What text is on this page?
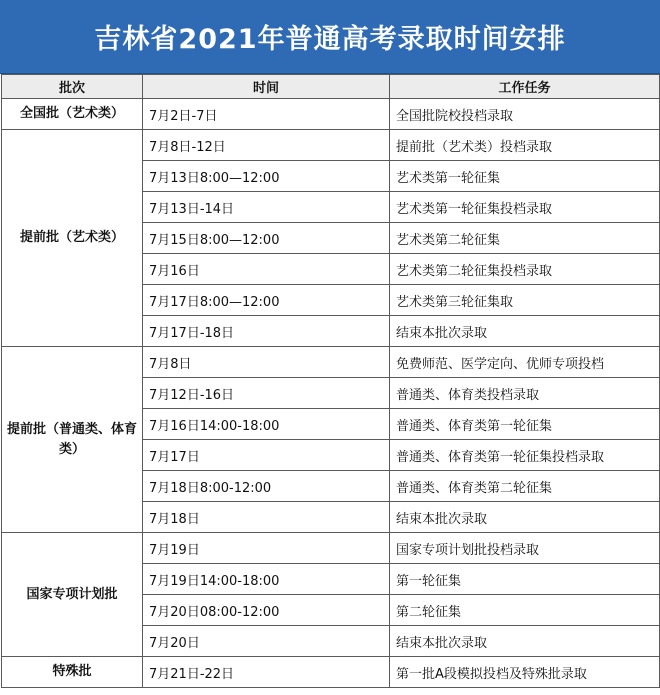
吉林省2021年普通高考录取时间安排
批次	时间	工作任务
全国批（艺术类）	7月2日-7日	全国批院校投档录取
提前批（艺术类）	7月8日-12日	提前批（艺术类）投档录取
	7月13日8:00—12:00	艺术类第一轮征集
	7月13日-14日	艺术类第一轮征集投档录取
	7月15日8:00—12:00	艺术类第二轮征集
	7月16日	艺术类第二轮征集投档录取
	7月17日8:00—12:00	艺术类第三轮征集取
	7月17日-18日	结束本批次录取
提前批（普通类、体育类）	7月8日	免费师范、医学定向、优师专项投档
	7月12日-16日	普通类、体育类投档录取
	7月16日14:00-18:00	普通类、体育类第一轮征集
	7月17日	普通类、体育类第一轮征集投档录取
	7月18日8:00-12:00	普通类、体育类第二轮征集
	7月18日	结束本批次录取
国家专项计划批	7月19日	国家专项计划批投档录取
	7月19日14:00-18:00	第一轮征集
	7月20日08:00-12:00	第二轮征集
	7月20日	结束本批次录取
特殊批	7月21日-22日	第一批A段模拟投档及特殊批录取
